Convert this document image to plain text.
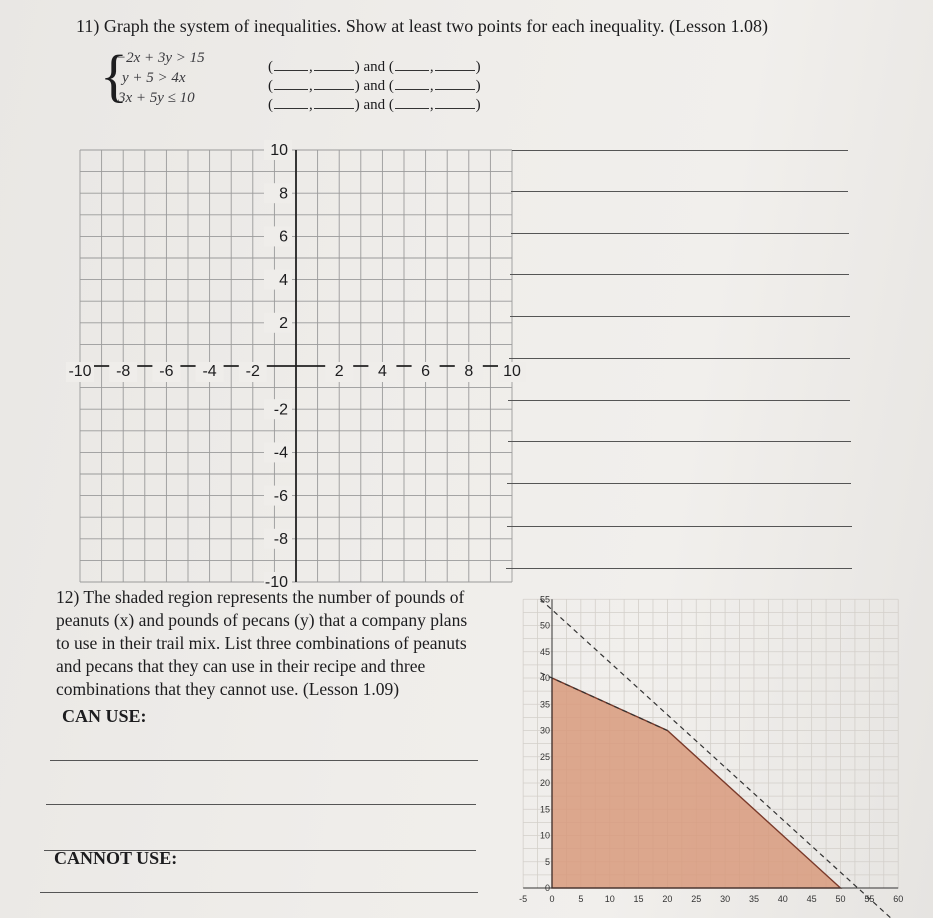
11) Graph the system of inequalities. Show at least two points for each inequality. (Lesson 1.08)
{
−2x + 3y > 15
y + 5 > 4x
3x + 5y ≤ 10
( ,	) and ( ,	)
( ,	) and ( ,	)
( ,	) and ( ,	)
-10 -8 -6 -4 -2	2 4 6 8 10
10
8
6
4
2
-2
-4
-6
-8
-10

12) The shaded region represents the number of pounds of

peanuts (x) and pounds of pecans (y) that a company plans

to use in their trail mix. List three combinations of peanuts

and pecans that they can use in their recipe and three

combinations that they cannot use. (Lesson 1.09)

CAN USE:
CANNOT USE:
-5 0	5 10 15 20 25 30 35 40 45 50 55 60
0
5
10
15
20
25
30
35
40
45
50
55
